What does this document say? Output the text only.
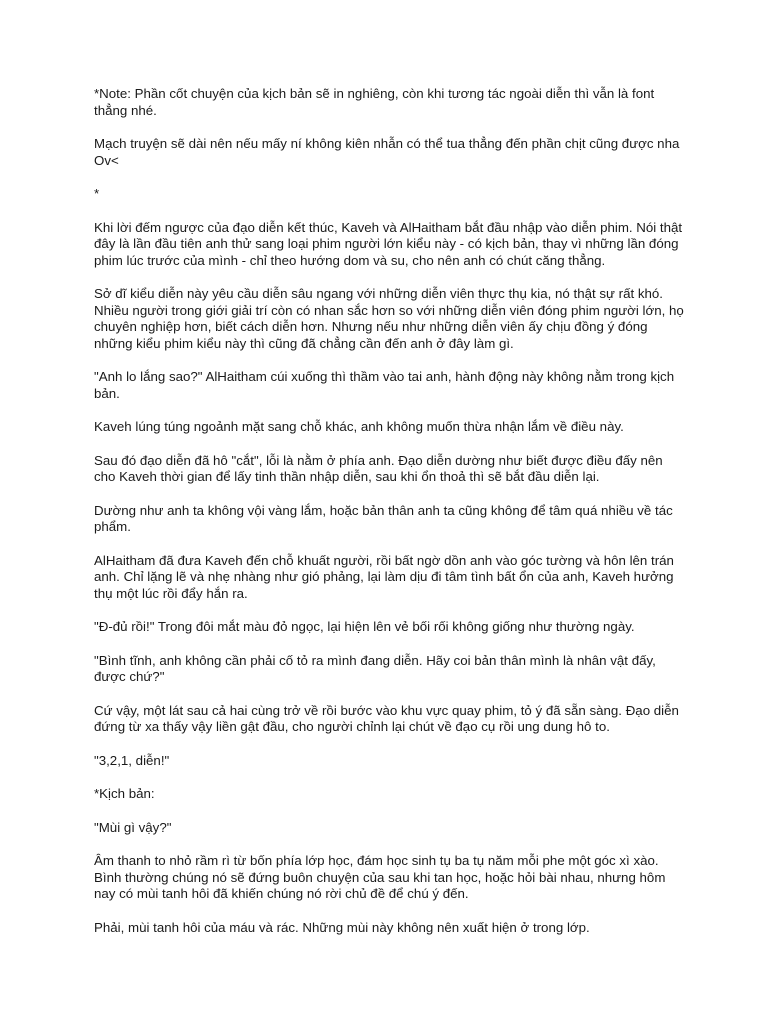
*Note: Phần cốt chuyện của kịch bản sẽ in nghiêng, còn khi tương tác ngoài diễn thì vẫn là font thẳng nhé.

Mạch truyện sẽ dài nên nếu mấy ní không kiên nhẫn có thể tua thẳng đến phần chịt cũng được nha Ov<

*

Khi lời đếm ngược của đạo diễn kết thúc, Kaveh và AlHaitham bắt đầu nhập vào diễn phim. Nói thật đây là lần đầu tiên anh thử sang loại phim người lớn kiểu này - có kịch bản, thay vì những lần đóng phim lúc trước của mình - chỉ theo hướng dom và su, cho nên anh có chút căng thẳng.

Sở dĩ kiểu diễn này yêu cầu diễn sâu ngang với những diễn viên thực thụ kia, nó thật sự rất khó. Nhiều người trong giới giải trí còn có nhan sắc hơn so với những diễn viên đóng phim người lớn, họ chuyên nghiệp hơn, biết cách diễn hơn. Nhưng nếu như những diễn viên ấy chịu đồng ý đóng những kiểu phim kiểu này thì cũng đã chẳng cần đến anh ở đây làm gì.

"Anh lo lắng sao?" AlHaitham cúi xuống thì thầm vào tai anh, hành động này không nằm trong kịch bản.

Kaveh lúng túng ngoảnh mặt sang chỗ khác, anh không muốn thừa nhận lắm về điều này.

Sau đó đạo diễn đã hô "cắt", lỗi là nằm ở phía anh. Đạo diễn dường như biết được điều đấy nên cho Kaveh thời gian để lấy tinh thần nhập diễn, sau khi ổn thoả thì sẽ bắt đầu diễn lại.

Dường như anh ta không vội vàng lắm, hoặc bản thân anh ta cũng không để tâm quá nhiều về tác phẩm.

AlHaitham đã đưa Kaveh đến chỗ khuất người, rồi bất ngờ dồn anh vào góc tường và hôn lên trán anh. Chỉ lặng lẽ và nhẹ nhàng như gió phảng, lại làm dịu đi tâm tình bất ổn của anh, Kaveh hưởng thụ một lúc rồi đẩy hắn ra.

"Đ-đủ rồi!" Trong đôi mắt màu đỏ ngọc, lại hiện lên vẻ bối rối không giống như thường ngày.

"Bình tĩnh, anh không cần phải cố tỏ ra mình đang diễn. Hãy coi bản thân mình là nhân vật đấy, được chứ?"

Cứ vậy, một lát sau cả hai cùng trở về rồi bước vào khu vực quay phim, tỏ ý đã sẵn sàng. Đạo diễn đứng từ xa thấy vậy liền gật đầu, cho người chỉnh lại chút về đạo cụ rồi ung dung hô to.

"3,2,1, diễn!"

*Kịch bản:

"Mùi gì vậy?"

Âm thanh to nhỏ rầm rì từ bốn phía lớp học, đám học sinh tụ ba tụ năm mỗi phe một góc xì xào. Bình thường chúng nó sẽ đứng buôn chuyện của sau khi tan học, hoặc hỏi bài nhau, nhưng hôm nay có mùi tanh hôi đã khiến chúng nó rời chủ đề để chú ý đến.

Phải, mùi tanh hôi của máu và rác. Những mùi này không nên xuất hiện ở trong lớp.
